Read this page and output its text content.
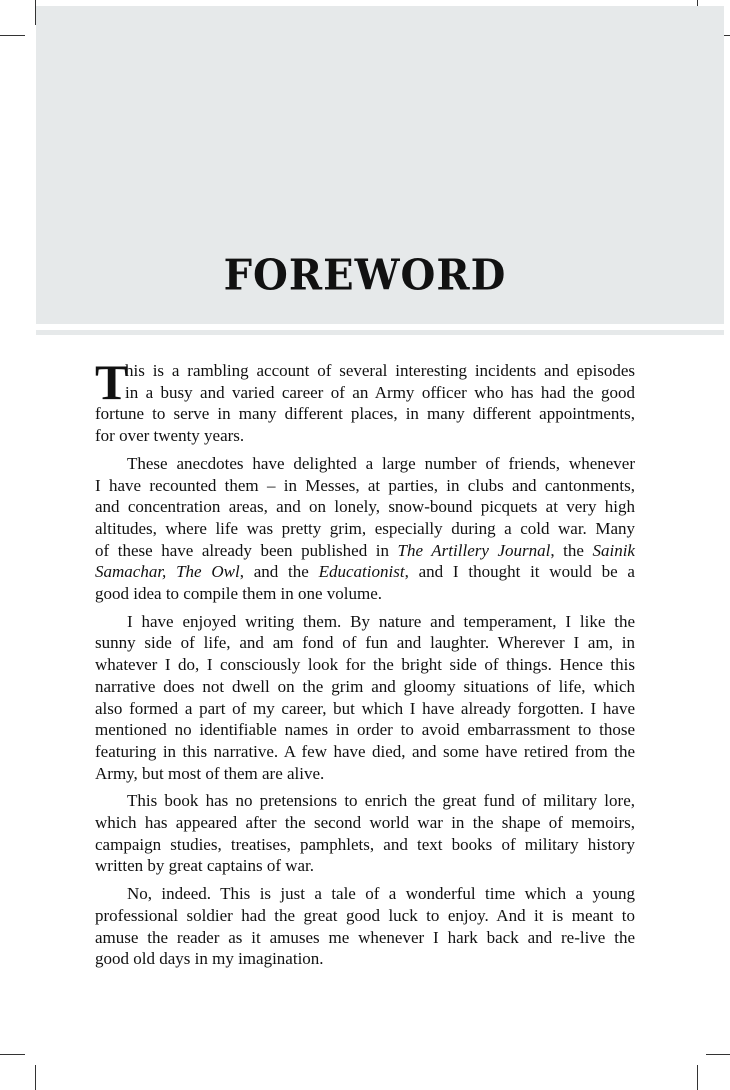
FOREWORD
T
his is a rambling account of several interesting incidents and episodes
in a busy and varied career of an Army officer who has had the good
fortune to serve in many different places, in many different appointments,
for over twenty years.
These anecdotes have delighted a large number of friends, whenever
I have recounted them – in Messes, at parties, in clubs and cantonments,
and concentration areas, and on lonely, snow-bound picquets at very high
altitudes, where life was pretty grim, especially during a cold war. Many
of these have already been published in The Artillery Journal, the Sainik
Samachar, The Owl, and the Educationist, and I thought it would be a
good idea to compile them in one volume.
I have enjoyed writing them. By nature and temperament, I like the
sunny side of life, and am fond of fun and laughter. Wherever I am, in
whatever I do, I consciously look for the bright side of things. Hence this
narrative does not dwell on the grim and gloomy situations of life, which
also formed a part of my career, but which I have already forgotten. I have
mentioned no identifiable names in order to avoid embarrassment to those
featuring in this narrative. A few have died, and some have retired from the
Army, but most of them are alive.
This book has no pretensions to enrich the great fund of military lore,
which has appeared after the second world war in the shape of memoirs,
campaign studies, treatises, pamphlets, and text books of military history
written by great captains of war.
No, indeed. This is just a tale of a wonderful time which a young
professional soldier had the great good luck to enjoy. And it is meant to
amuse the reader as it amuses me whenever I hark back and re-live the
good old days in my imagination.
